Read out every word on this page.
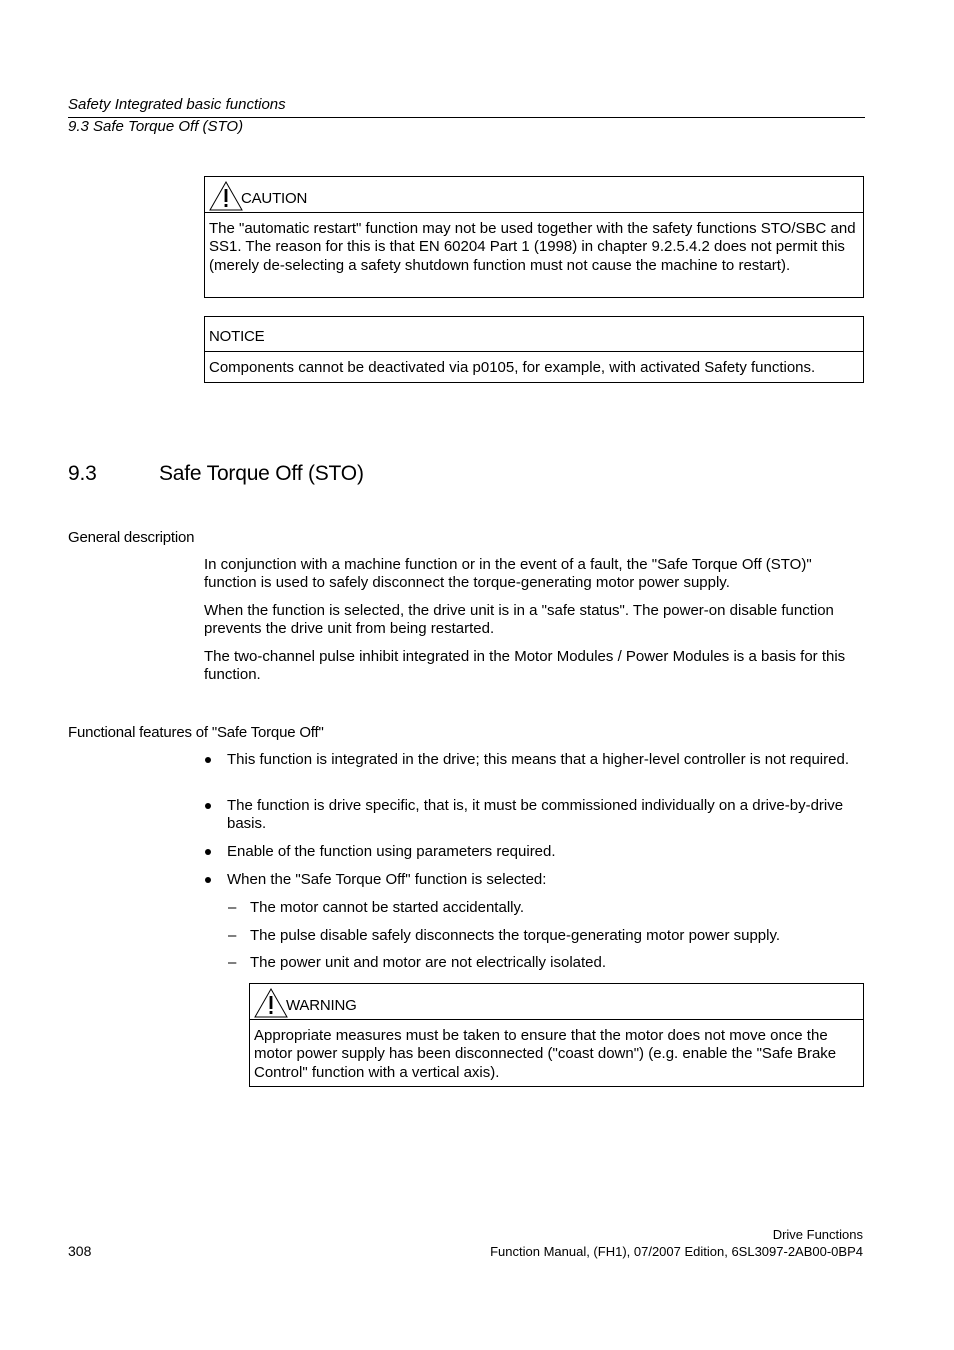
Safety Integrated basic functions
9.3 Safe Torque Off (STO)
CAUTION
The "automatic restart" function may not be used together with the safety functions STO/SBC and SS1. The reason for this is that EN 60204 Part 1 (1998) in chapter 9.2.5.4.2 does not permit this (merely de-selecting a safety shutdown function must not cause the machine to restart).
NOTICE
Components cannot be deactivated via p0105, for example, with activated Safety functions.
9.3	Safe Torque Off (STO)
General description
In conjunction with a machine function or in the event of a fault, the "Safe Torque Off (STO)" function is used to safely disconnect the torque-generating motor power supply.
When the function is selected, the drive unit is in a "safe status". The power-on disable function prevents the drive unit from being restarted.
The two-channel pulse inhibit integrated in the Motor Modules / Power Modules is a basis for this function.
Functional features of "Safe Torque Off"
This function is integrated in the drive; this means that a higher-level controller is not required.
The function is drive specific, that is, it must be commissioned individually on a drive-by-drive basis.
Enable of the function using parameters required.
When the "Safe Torque Off" function is selected:
– The motor cannot be started accidentally.
– The pulse disable safely disconnects the torque-generating motor power supply.
– The power unit and motor are not electrically isolated.
WARNING
Appropriate measures must be taken to ensure that the motor does not move once the motor power supply has been disconnected ("coast down") (e.g. enable the "Safe Brake Control" function with a vertical axis).
Drive Functions
308	Function Manual, (FH1), 07/2007 Edition, 6SL3097-2AB00-0BP4
